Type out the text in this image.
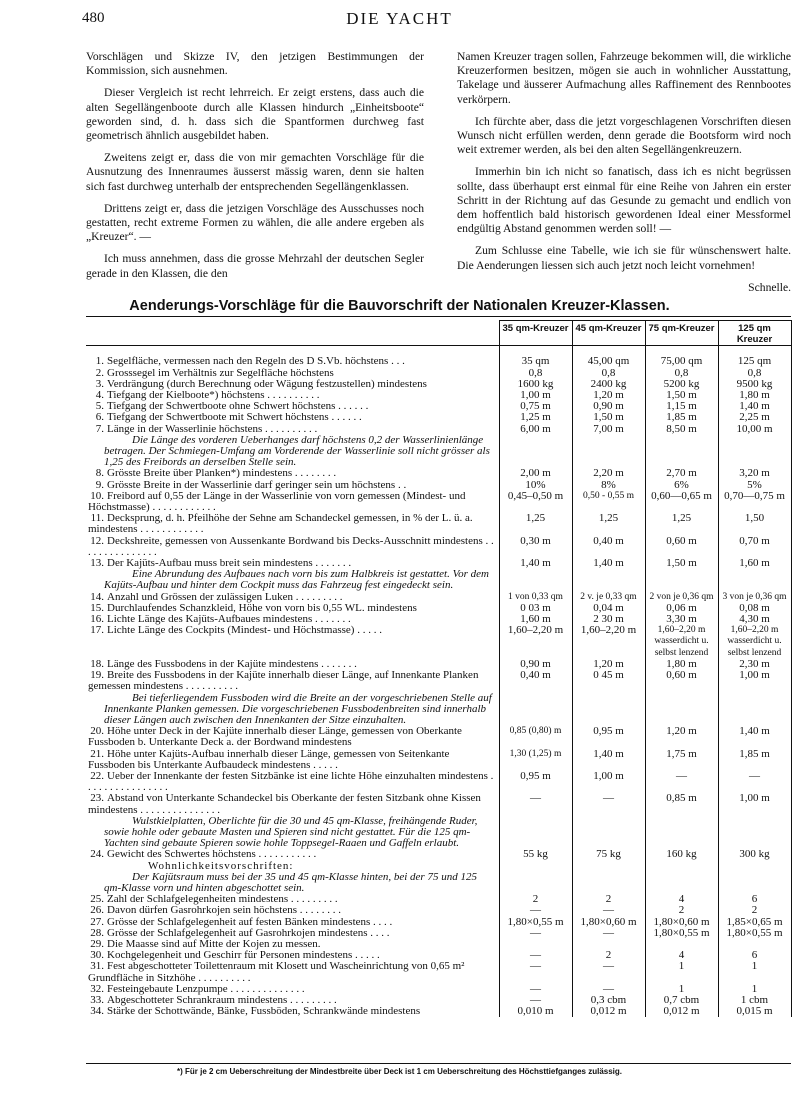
480	DIE YACHT

Vorschlägen und Skizze IV, den jetzigen Bestimmungen der Kommission, sich ausnehmen.

Dieser Vergleich ist recht lehrreich. Er zeigt erstens, dass auch die alten Segellängenboote durch alle Klassen hindurch „Einheitsboote“ geworden sind, d. h. dass sich die Spantformen durchweg fast geometrisch ähnlich ausgebildet haben.

Zweitens zeigt er, dass die von mir gemachten Vorschläge für die Ausnutzung des Innenraumes äusserst mässig waren, denn sie halten sich fast durchweg unterhalb der entsprechenden Segellängenklassen.

Drittens zeigt er, dass die jetzigen Vorschläge des Ausschusses noch gestatten, recht extreme Formen zu wählen, die alle andere ergeben als „Kreuzer“. —

Ich muss annehmen, dass die grosse Mehrzahl der deutschen Segler gerade in den Klassen, die den

Namen Kreuzer tragen sollen, Fahrzeuge bekommen will, die wirkliche Kreuzerformen besitzen, mögen sie auch in wohnlicher Ausstattung, Takelage und äusserer Aufmachung alles Raffinement des Rennbootes verkörpern.

Ich fürchte aber, dass die jetzt vorgeschlagenen Vorschriften diesen Wunsch nicht erfüllen werden, denn gerade die Bootsform wird noch weit extremer werden, als bei den alten Segellängenkreuzern.

Immerhin bin ich nicht so fanatisch, dass ich es nicht begrüssen sollte, dass überhaupt erst einmal für eine Reihe von Jahren ein erster Schritt in der Richtung auf das Gesunde zu gemacht und endlich von dem hoffentlich bald historisch gewordenen Ideal einer Messformel endgültig Abstand genommen werden soll! —

Zum Schlusse eine Tabelle, wie ich sie für wünschenswert halte. Die Aenderungen liessen sich auch jetzt noch leicht vornehmen!

Schnelle.

Aenderungs-Vorschläge für die Bauvorschrift der Nationalen Kreuzer-Klassen.
	35 qm-Kreuzer	45 qm-Kreuzer	75 qm-Kreuzer	125 qm Kreuzer

1. Segelfläche, vermessen nach den Regeln des D S.Vb. höchstens . . .	35 qm	45,00 qm	75,00 qm	125 qm
2. Grosssegel im Verhältnis zur Segelfläche höchstens	0,8	0,8	0,8	0,8
3. Verdrängung (durch Berechnung oder Wägung festzustellen) mindestens	1600 kg	2400 kg	5200 kg	9500 kg
4. Tiefgang der Kielboote*) höchstens . . . . . . . . . .	1,00 m	1,20 m	1,50 m	1,80 m
5. Tiefgang der Schwertboote ohne Schwert höchstens . . . . . .	0,75 m	0,90 m	1,15 m	1,40 m
6. Tiefgang der Schwertboote mit Schwert höchstens . . . . . .	1,25 m	1,50 m	1,85 m	2,25 m
7. Länge in der Wasserlinie höchstens . . . . . . . . . .	6,00 m	7,00 m	8,50 m	10,00 m
Die Länge des vorderen Ueberhanges darf höchstens 0,2 der Wasserlinienlänge betragen. Der Schmiegen-Umfang am Vorderende der Wasserlinie soll nicht grösser als 1,25 des Freibords an derselben Stelle sein.				
8. Grösste Breite über Planken*) mindestens . . . . . . . .	2,00 m	2,20 m	2,70 m	3,20 m
9. Grösste Breite in der Wasserlinie darf geringer sein um höchstens . .	10%	8%	6%	5%
10. Freibord auf 0,55 der Länge in der Wasserlinie von vorn gemessen (Mindest- und Höchstmasse) . . . . . . . . . . . .	0,45–0,50 m	0,50 - 0,55 m	0,60—0,65 m	0,70—0,75 m
11. Decksprung, d. h. Pfeilhöhe der Sehne am Schandeckel gemessen, in % der L. ü. a. mindestens . . . . . . . . . . . .	1,25	1,25	1,25	1,50
12. Deckshreite, gemessen von Aussenkante Bordwand bis Decks-Ausschnitt mindestens . . . . . . . . . . . . . . .	0,30 m	0,40 m	0,60 m	0,70 m
13. Der Kajüts-Aufbau muss breit sein mindestens . . . . . . .	1,40 m	1,40 m	1,50 m	1,60 m
Eine Abrundung des Aufbaues nach vorn bis zum Halbkreis ist gestattet. Vor dem Kajüts-Aufbau und hinter dem Cockpit muss das Fahrzeug fest eingedeckt sein.				
14. Anzahl und Grössen der zulässigen Luken . . . . . . . . .	1 von 0,33 qm	2 v. je 0,33 qm	2 von je 0,36 qm	3 von je 0,36 qm
15. Durchlaufendes Schanzkleid, Höhe von vorn bis 0,55 WL. mindestens	0 03 m	0,04 m	0,06 m	0,08 m
16. Lichte Länge des Kajüts-Aufbaues mindestens . . . . . . .	1,60 m	2 30 m	3,30 m	4,30 m
17. Lichte Länge des Cockpits (Mindest- und Höchstmasse) . . . . .	1,60–2,20 m	1,60–2,20 m	1,60–2,20 m wasserdicht u. selbst lenzend	1,60–2,20 m wasserdicht u. selbst lenzend
18. Länge des Fussbodens in der Kajüte mindestens . . . . . . .	0,90 m	1,20 m	1,80 m	2,30 m
19. Breite des Fussbodens in der Kajüte innerhalb dieser Länge, auf Innenkante Planken gemessen mindestens . . . . . . . . . .	0,40 m	0 45 m	0,60 m	1,00 m
Bei tieferliegendem Fussboden wird die Breite an der vorgeschriebenen Stelle auf Innenkante Planken gemessen. Die vorgeschriebenen Fussbodenbreiten sind innerhalb dieser Längen auch zwischen den Innenkanten der Sitze einzuhalten.				
20. Höhe unter Deck in der Kajüte innerhalb dieser Länge, gemessen von Oberkante Fussboden b. Unterkante Deck a. der Bordwand mindestens	0,85 (0,80) m	0,95 m	1,20 m	1,40 m
21. Höhe unter Kajüts-Aufbau innerhalb dieser Länge, gemessen von Seitenkante Fussboden bis Unterkante Aufbaudeck mindestens . . . . .	1,30 (1,25) m	1,40 m	1,75 m	1,85 m
22. Ueber der Innenkante der festen Sitzbänke ist eine lichte Höhe einzuhalten mindestens . . . . . . . . . . . . . . . .	0,95 m	1,00 m	—	—
23. Abstand von Unterkante Schandeckel bis Oberkante der festen Sitzbank ohne Kissen mindestens . . . . . . . . . . . . . . .	—	—	0,85 m	1,00 m
Wulstkielplatten, Oberlichte für die 30 und 45 qm-Klasse, freihängende Ruder, sowie hohle oder gebaute Masten und Spieren sind nicht gestattet. Für die 125 qm-Yachten sind gebaute Spieren sowie hohle Toppsegel-Raaen und Gaffeln erlaubt.				
24. Gewicht des Schwertes höchstens . . . . . . . . . . .	55 kg	75 kg	160 kg	300 kg
Wohnlichkeitsvorschriften:				
Der Kajütsraum muss bei der 35 und 45 qm-Klasse hinten, bei der 75 und 125 qm-Klasse vorn und hinten abgeschottet sein.				
25. Zahl der Schlafgelegenheiten mindestens . . . . . . . . .	2	2	4	6
26. Davon dürfen Gasrohrkojen sein höchstens . . . . . . . .	—	—	2	2
27. Grösse der Schlafgelegenheit auf festen Bänken mindestens . . . .	1,80×0,55 m	1,80×0,60 m	1,80×0,60 m	1,85×0,65 m
28. Grösse der Schlafgelegenheit auf Gasrohrkojen mindestens . . . .	—	—	1,80×0,55 m	1,80×0,55 m
29. Die Maasse sind auf Mitte der Kojen zu messen.				
30. Kochgelegenheit und Geschirr für Personen mindestens . . . . .	—	2	4	6
31. Fest abgeschotteter Toilettenraum mit Klosett und Wascheinrichtung von 0,65 m² Grundfläche in Sitzhöhe . . . . . . . . . .	—	—	1	1
32. Festeingebaute Lenzpumpe . . . . . . . . . . . . . .	—	—	1	1
33. Abgeschotteter Schrankraum mindestens . . . . . . . . .	—	0,3 cbm	0,7 cbm	1 cbm
34. Stärke der Schottwände, Bänke, Fussböden, Schrankwände mindestens	0,010 m	0,012 m	0,012 m	0,015 m
*) Für je 2 cm Ueberschreitung der Mindestbreite über Deck ist 1 cm Ueberschreitung des Höchsttiefganges zulässig.
